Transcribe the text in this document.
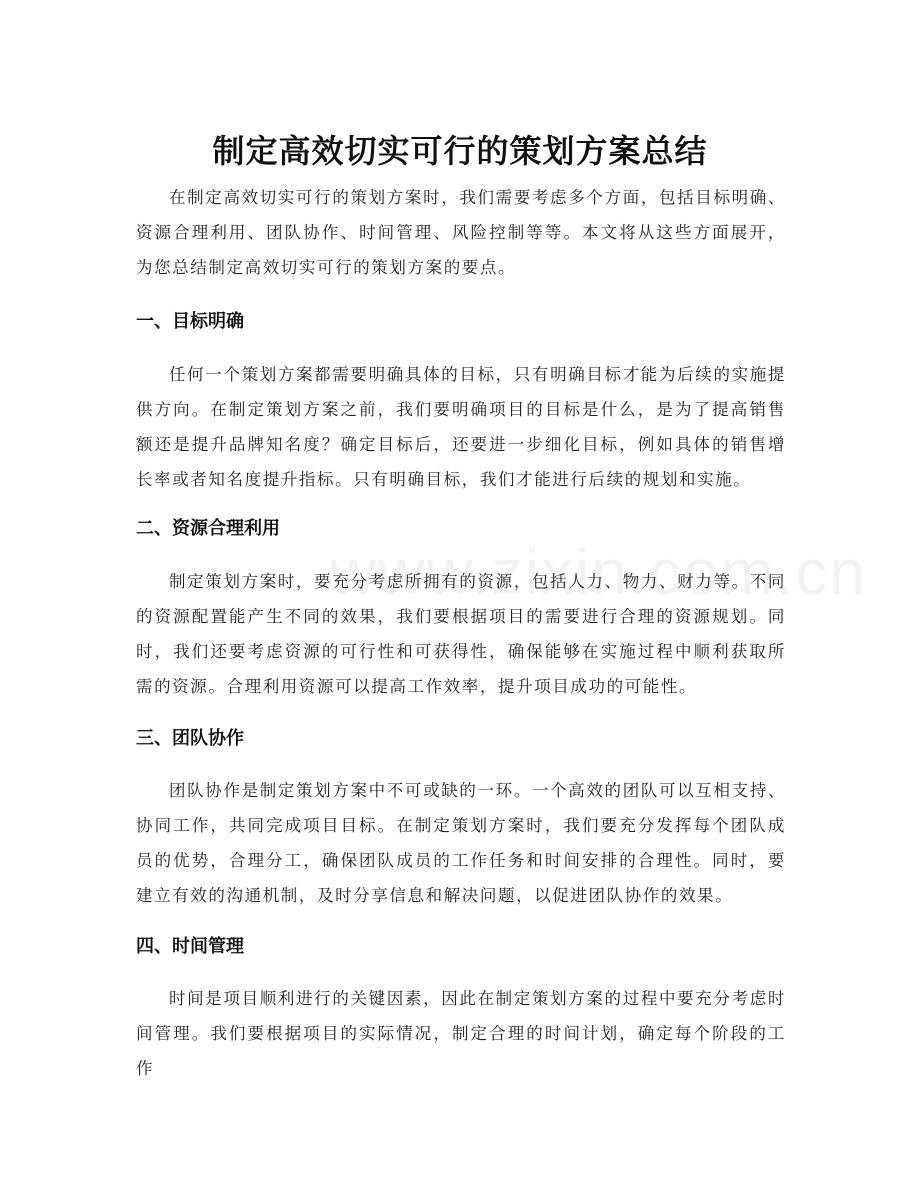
制定高效切实可行的策划方案总结

在制定高效切实可行的策划方案时，我们需要考虑多个方面，包括目标明确、资源合理利用、团队协作、时间管理、风险控制等等。本文将从这些方面展开，为您总结制定高效切实可行的策划方案的要点。

一、目标明确

任何一个策划方案都需要明确具体的目标，只有明确目标才能为后续的实施提供方向。在制定策划方案之前，我们要明确项目的目标是什么，是为了提高销售额还是提升品牌知名度？确定目标后，还要进一步细化目标，例如具体的销售增长率或者知名度提升指标。只有明确目标，我们才能进行后续的规划和实施。

二、资源合理利用

制定策划方案时，要充分考虑所拥有的资源，包括人力、物力、财力等。不同的资源配置能产生不同的效果，我们要根据项目的需要进行合理的资源规划。同时，我们还要考虑资源的可行性和可获得性，确保能够在实施过程中顺利获取所需的资源。合理利用资源可以提高工作效率，提升项目成功的可能性。

三、团队协作

团队协作是制定策划方案中不可或缺的一环。一个高效的团队可以互相支持、协同工作，共同完成项目目标。在制定策划方案时，我们要充分发挥每个团队成员的优势，合理分工，确保团队成员的工作任务和时间安排的合理性。同时，要建立有效的沟通机制，及时分享信息和解决问题，以促进团队协作的效果。

四、时间管理

时间是项目顺利进行的关键因素，因此在制定策划方案的过程中要充分考虑时间管理。我们要根据项目的实际情况，制定合理的时间计划，确定每个阶段的工作
